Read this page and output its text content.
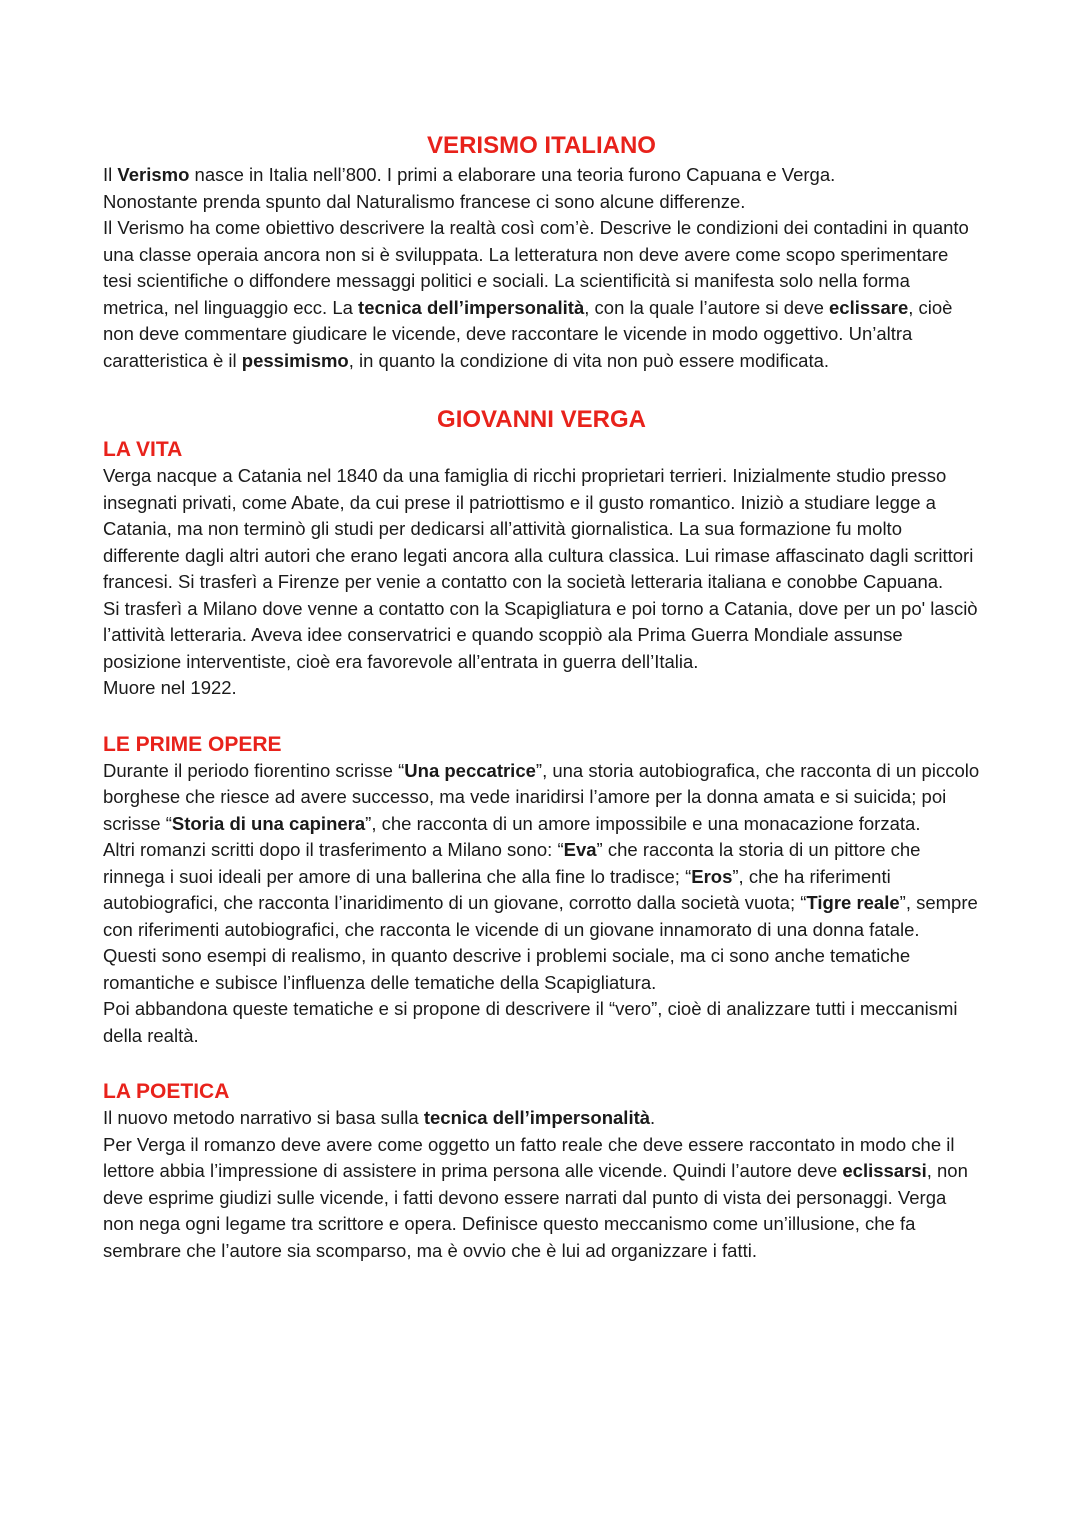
VERISMO ITALIANO

Il Verismo nasce in Italia nell’800. I primi a elaborare una teoria furono Capuana e Verga.

Nonostante prenda spunto dal Naturalismo francese ci sono alcune differenze.

Il Verismo ha come obiettivo descrivere la realtà così com’è. Descrive le condizioni dei contadini in quanto una classe operaia ancora non si è sviluppata. La letteratura non deve avere come scopo sperimentare tesi scientifiche o diffondere messaggi politici e sociali. La scientificità si manifesta solo nella forma metrica, nel linguaggio ecc. La tecnica dell’impersonalità, con la quale l’autore si deve eclissare, cioè non deve commentare giudicare le vicende, deve raccontare le vicende in modo oggettivo. Un’altra caratteristica è il pessimismo, in quanto la condizione di vita non può essere modificata.

GIOVANNI VERGA
LA VITA

Verga nacque a Catania nel 1840 da una famiglia di ricchi proprietari terrieri. Inizialmente studio presso insegnati privati, come Abate, da cui prese il patriottismo e il gusto romantico. Iniziò a studiare legge a Catania, ma non terminò gli studi per dedicarsi all’attività giornalistica. La sua formazione fu molto differente dagli altri autori che erano legati ancora alla cultura classica. Lui rimase affascinato dagli scrittori francesi. Si trasferì a Firenze per venie a contatto con la società letteraria italiana e conobbe Capuana.

Si trasferì a Milano dove venne a contatto con la Scapigliatura e poi torno a Catania, dove per un po' lasciò l’attività letteraria. Aveva idee conservatrici e quando scoppiò ala Prima Guerra Mondiale assunse posizione interventiste, cioè era favorevole all’entrata in guerra dell’Italia.

Muore nel 1922.

LE PRIME OPERE

Durante il periodo fiorentino scrisse “Una peccatrice”, una storia autobiografica, che racconta di un piccolo borghese che riesce ad avere successo, ma vede inaridirsi l’amore per la donna amata e si suicida; poi scrisse “Storia di una capinera”, che racconta di un amore impossibile e una monacazione forzata.

Altri romanzi scritti dopo il trasferimento a Milano sono: “Eva” che racconta la storia di un pittore che rinnega i suoi ideali per amore di una ballerina che alla fine lo tradisce; “Eros”, che ha riferimenti autobiografici, che racconta l’inaridimento di un giovane, corrotto dalla società vuota; “Tigre reale”, sempre con riferimenti autobiografici, che racconta le vicende di un giovane innamorato di una donna fatale.

Questi sono esempi di realismo, in quanto descrive i problemi sociale, ma ci sono anche tematiche romantiche e subisce l’influenza delle tematiche della Scapigliatura.

Poi abbandona queste tematiche e si propone di descrivere il “vero”, cioè di analizzare tutti i meccanismi della realtà.

LA POETICA

Il nuovo metodo narrativo si basa sulla tecnica dell’impersonalità.

Per Verga il romanzo deve avere come oggetto un fatto reale che deve essere raccontato in modo che il lettore abbia l’impressione di assistere in prima persona alle vicende. Quindi l’autore deve eclissarsi, non deve esprime giudizi sulle vicende, i fatti devono essere narrati dal punto di vista dei personaggi. Verga non nega ogni legame tra scrittore e opera. Definisce questo meccanismo come un’illusione, che fa sembrare che l’autore sia scomparso, ma è ovvio che è lui ad organizzare i fatti.
